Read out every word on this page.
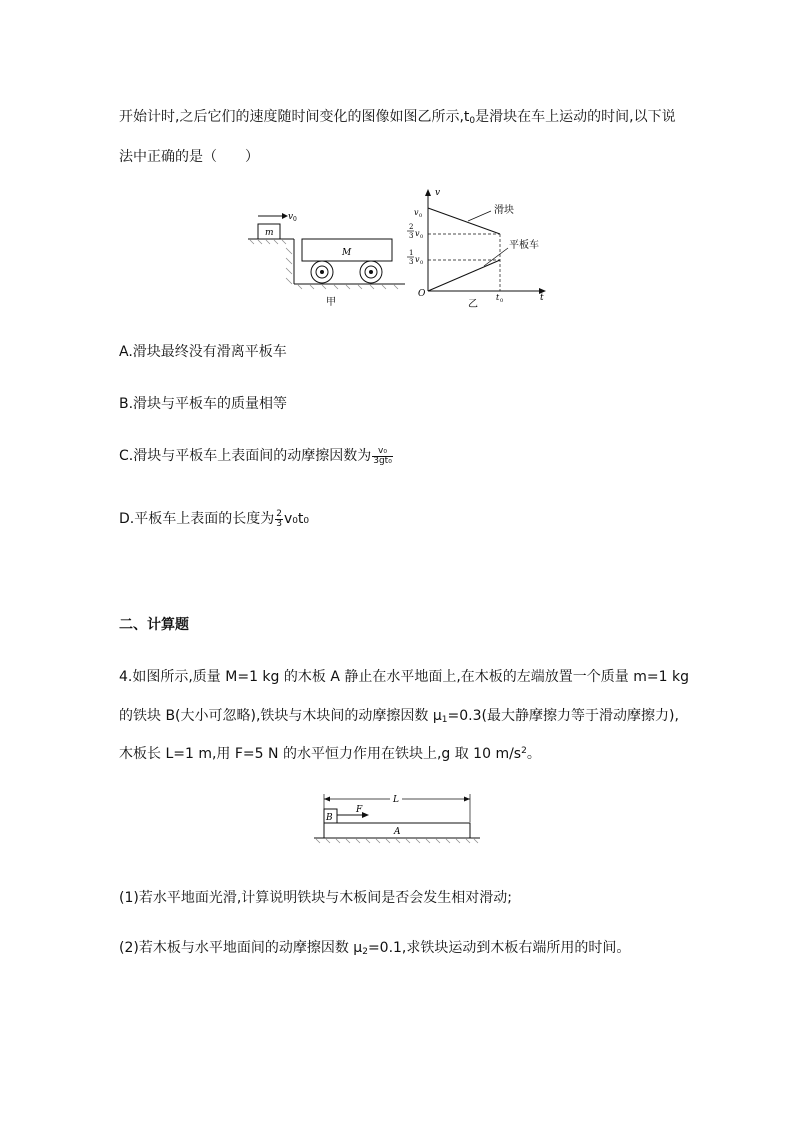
开始计时,之后它们的速度随时间变化的图像如图乙所示$,t_0$是滑块在车上运动的时间,以下说
法中正确的是（　　）
v 0
m
M
甲
v
t
O
v 0
2
3 v 0
1
3 v 0
滑块
平板车
t 0
乙
A.滑块最终没有滑离平板车
B.滑块与平板车的质量相等
C.滑块与平板车上表面间的动摩擦因数为 $\frac{\text{v₀}}{\text{3gt₀}}$
D.平板车上表面的长度为 $\frac{2}{3} v_0t_0$
二、计算题
4.如图所示,质量 M=1 kg 的木板 A 静止在水平地面上,在木板的左端放置一个质量 m=1 kg
的铁块 B(大小可忽略),铁块与木块间的动摩擦因数 $\mu_1=0.3$(最大静摩擦力等于滑动摩擦力),
木板长 L=1 m,用 F=5 N 的水平恒力作用在铁块上,g 取 10 $m/s^2$。
L
B
F
A
(1)若水平地面光滑,计算说明铁块与木板间是否会发生相对滑动;
(2)若木板与水平地面间的动摩擦因数 $\mu_2=0.1$,求铁块运动到木板右端所用的时间。
